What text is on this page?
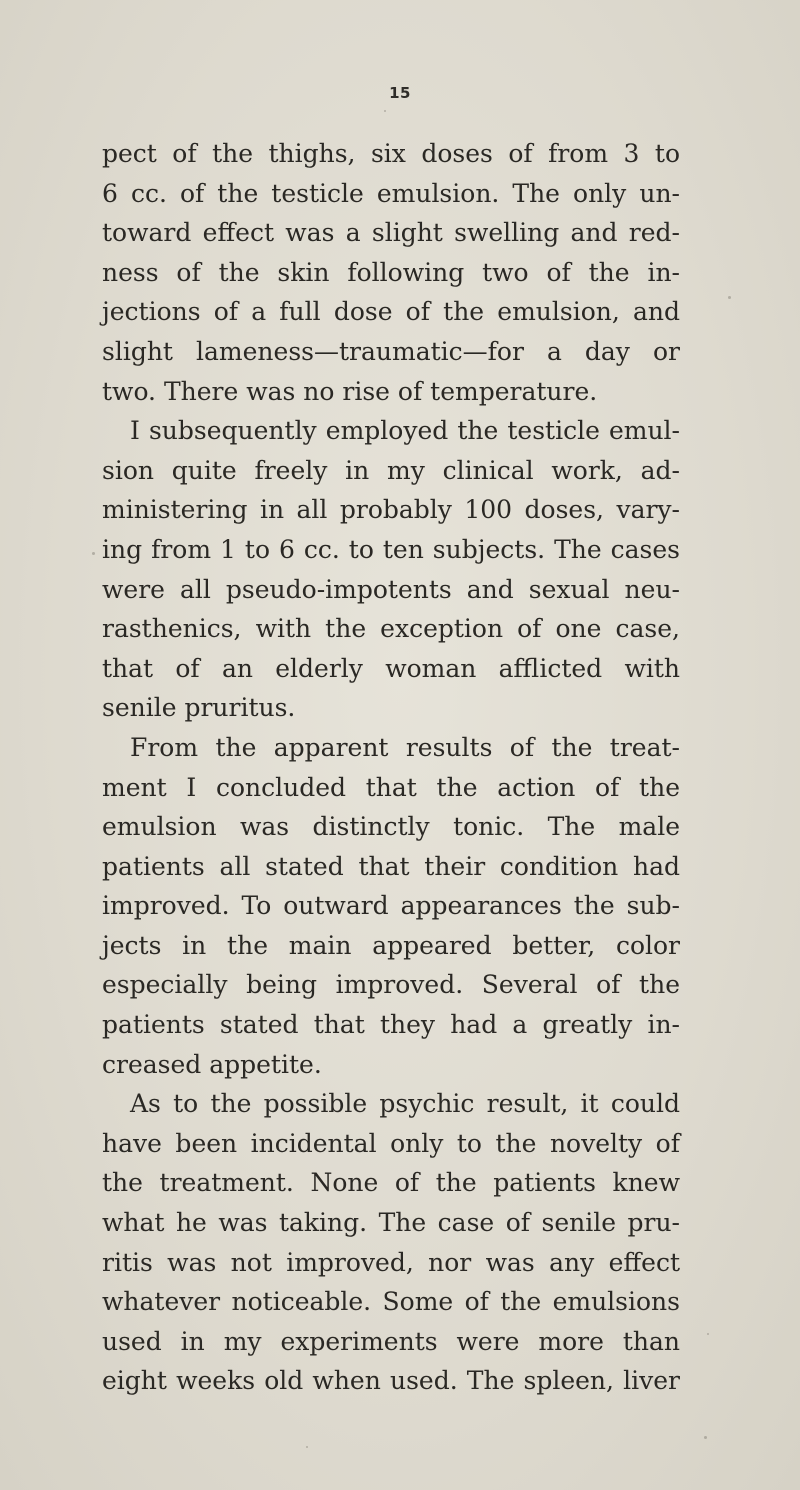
15
pect of the thighs, six doses of from 3 to
6 cc. of the testicle emulsion. The only un-
toward effect was a slight swelling and red-
ness of the skin following two of the in-
jections of a full dose of the emulsion, and
slight lameness—traumatic—for a day or
two. There was no rise of temperature.
I subsequently employed the testicle emul-
sion quite freely in my clinical work, ad-
ministering in all probably 100 doses, vary-
ing from 1 to 6 cc. to ten subjects. The cases
were all pseudo-impotents and sexual neu-
rasthenics, with the exception of one case,
that of an elderly woman afflicted with
senile pruritus.
From the apparent results of the treat-
ment I concluded that the action of the
emulsion was distinctly tonic. The male
patients all stated that their condition had
improved. To outward appearances the sub-
jects in the main appeared better, color
especially being improved. Several of the
patients stated that they had a greatly in-
creased appetite.
As to the possible psychic result, it could
have been incidental only to the novelty of
the treatment. None of the patients knew
what he was taking. The case of senile pru-
ritis was not improved, nor was any effect
whatever noticeable. Some of the emulsions
used in my experiments were more than
eight weeks old when used. The spleen, liver
